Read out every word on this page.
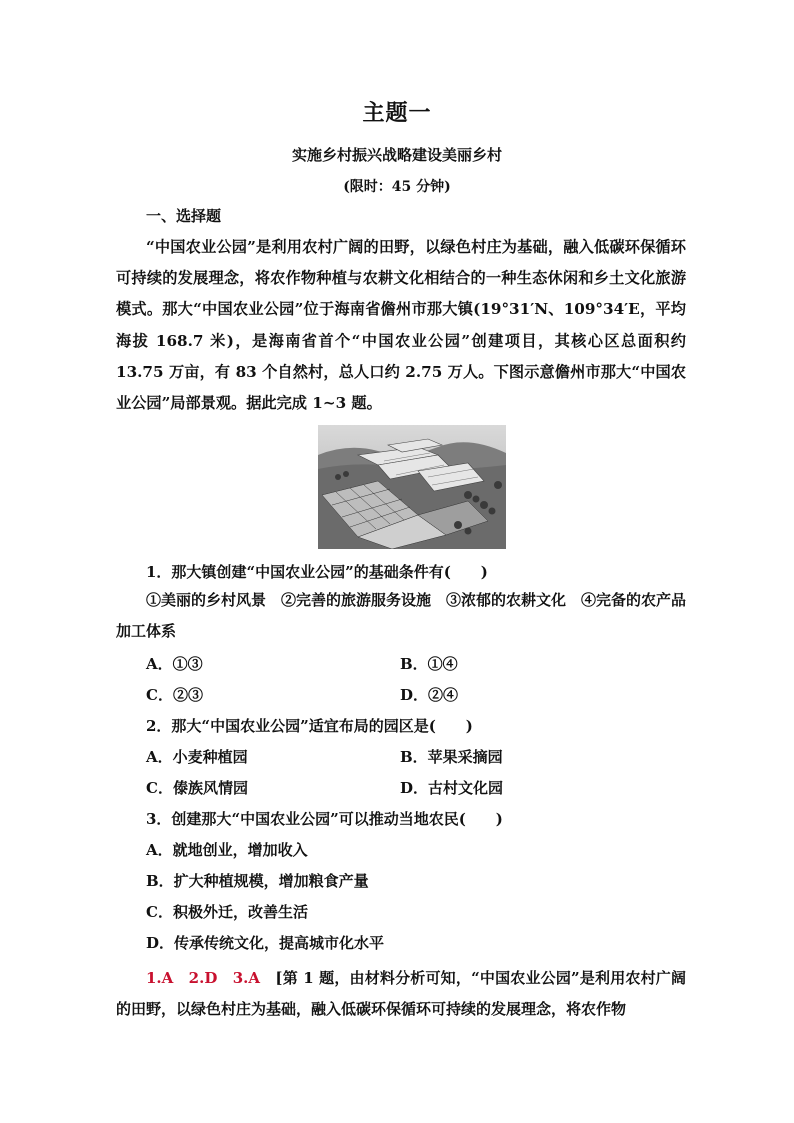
主题一
实施乡村振兴战略建设美丽乡村
(限时：45 分钟)
一、选择题
“中国农业公园”是利用农村广阔的田野，以绿色村庄为基础，融入低碳环保循环可持续的发展理念，将农作物种植与农耕文化相结合的一种生态休闲和乡土文化旅游模式。那大“中国农业公园”位于海南省儋州市那大镇(19°31′N、109°34′E，平均海拔 168.7 米)，是海南省首个“中国农业公园”创建项目，其核心区总面积约 13.75 万亩，有 83 个自然村，总人口约 2.75 万人。下图示意儋州市那大“中国农业公园”局部景观。据此完成 1~3 题。
1．那大镇创建“中国农业公园”的基础条件有(　　)
①美丽的乡村风景　②完善的旅游服务设施　③浓郁的农耕文化　④完备的农产品加工体系
A．①③	B．①④
C．②③	D．②④
2．那大“中国农业公园”适宜布局的园区是(　　)
A．小麦种植园	B．苹果采摘园
C．傣族风情园	D．古村文化园
3．创建那大“中国农业公园”可以推动当地农民(　　)
A．就地创业，增加收入
B．扩大种植规模，增加粮食产量
C．积极外迁，改善生活
D．传承传统文化，提高城市化水平
1.A　2.D　3.A　 [第 1 题，由材料分析可知，“中国农业公园”是利用农村广阔的田野，以绿色村庄为基础，融入低碳环保循环可持续的发展理念，将农作物
